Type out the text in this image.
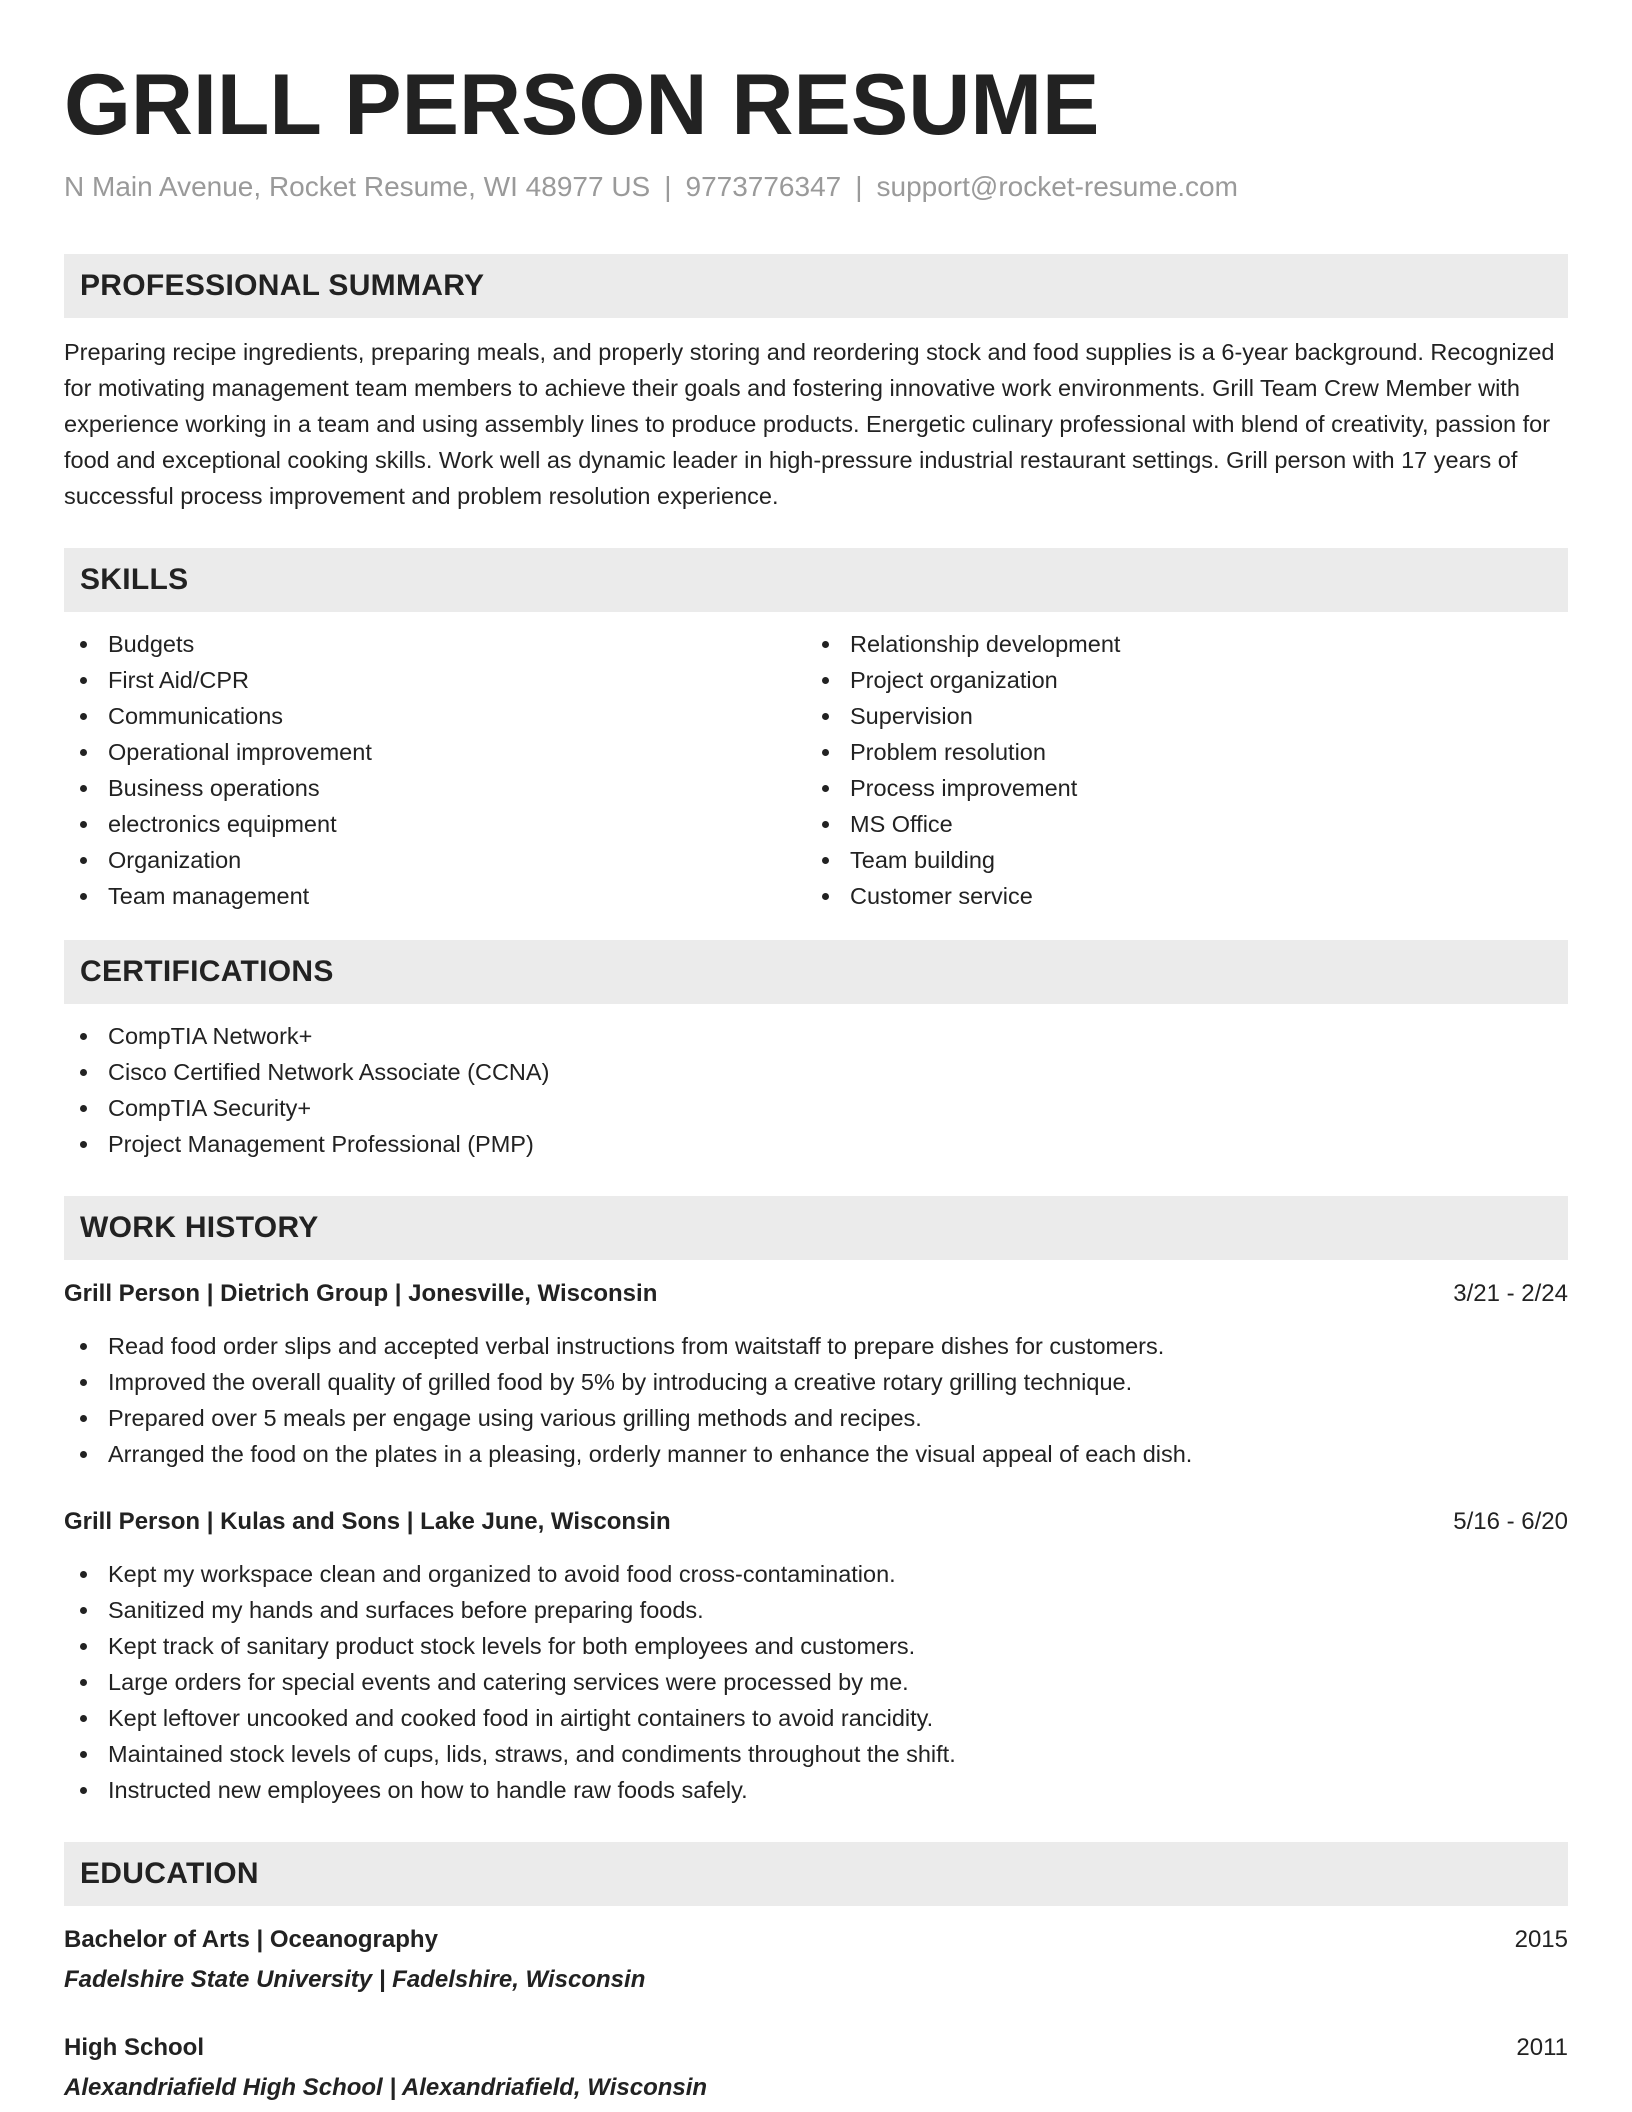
GRILL PERSON RESUME
N Main Avenue, Rocket Resume, WI 48977 US | 9773776347 | support@rocket-resume.com
PROFESSIONAL SUMMARY

Preparing recipe ingredients, preparing meals, and properly storing and reordering stock and food supplies is a 6-year background. Recognized for motivating management team members to achieve their goals and fostering innovative work environments. Grill Team Crew Member with experience working in a team and using assembly lines to produce products. Energetic culinary professional with blend of creativity, passion for food and exceptional cooking skills. Work well as dynamic leader in high-pressure industrial restaurant settings. Grill person with 17 years of successful process improvement and problem resolution experience.

SKILLS
Budgets
First Aid/CPR
Communications
Operational improvement
Business operations
electronics equipment
Organization
Team management
Relationship development
Project organization
Supervision
Problem resolution
Process improvement
MS Office
Team building
Customer service
CERTIFICATIONS
CompTIA Network+
Cisco Certified Network Associate (CCNA)
CompTIA Security+
Project Management Professional (PMP)
WORK HISTORY
Grill Person | Dietrich Group | Jonesville, Wisconsin	3/21 - 2/24
Read food order slips and accepted verbal instructions from waitstaff to prepare dishes for customers.
Improved the overall quality of grilled food by 5% by introducing a creative rotary grilling technique.
Prepared over 5 meals per engage using various grilling methods and recipes.
Arranged the food on the plates in a pleasing, orderly manner to enhance the visual appeal of each dish.
Grill Person | Kulas and Sons | Lake June, Wisconsin	5/16 - 6/20
Kept my workspace clean and organized to avoid food cross-contamination.
Sanitized my hands and surfaces before preparing foods.
Kept track of sanitary product stock levels for both employees and customers.
Large orders for special events and catering services were processed by me.
Kept leftover uncooked and cooked food in airtight containers to avoid rancidity.
Maintained stock levels of cups, lids, straws, and condiments throughout the shift.
Instructed new employees on how to handle raw foods safely.
EDUCATION
Bachelor of Arts | Oceanography	2015
Fadelshire State University | Fadelshire, Wisconsin
High School	2011
Alexandriafield High School | Alexandriafield, Wisconsin
